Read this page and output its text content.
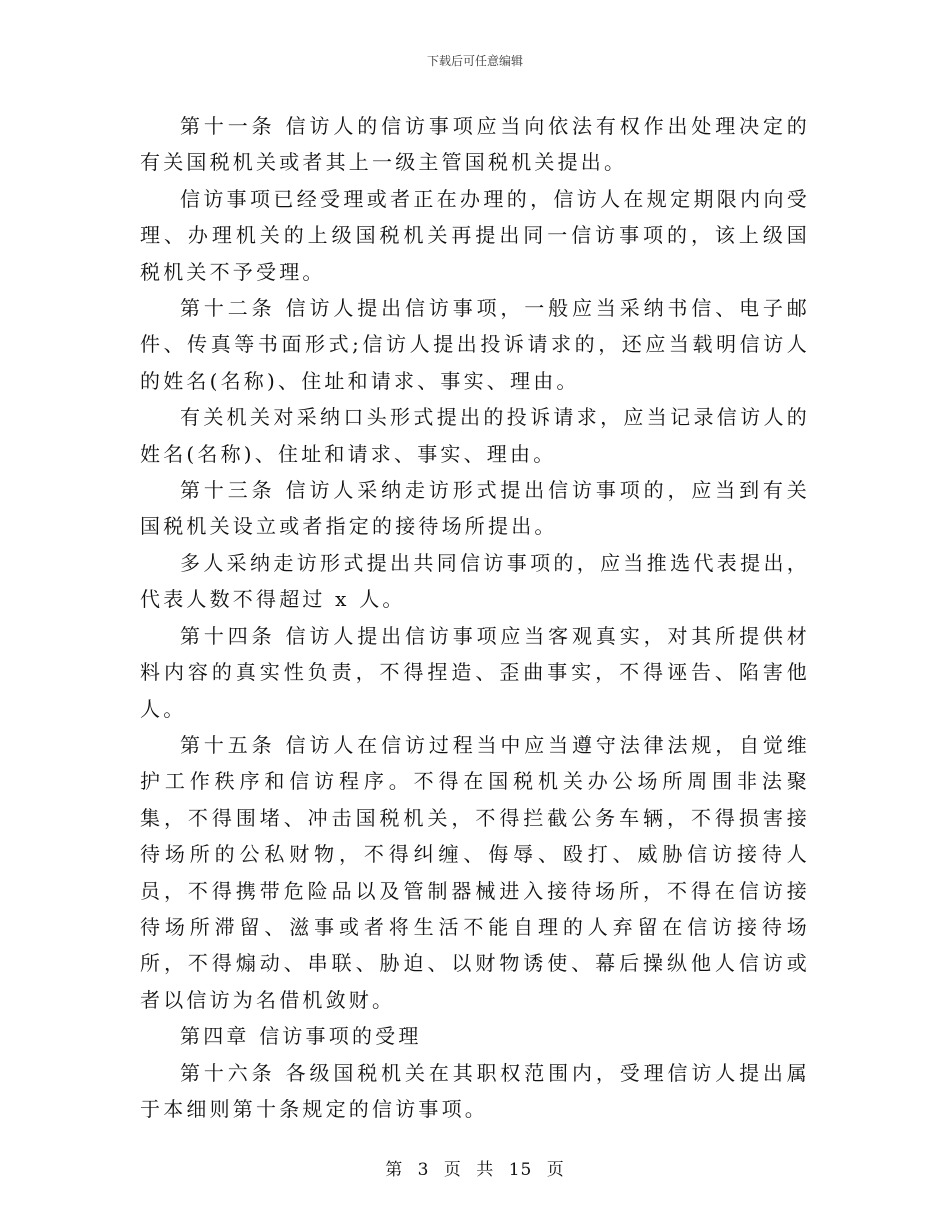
下载后可任意编辑

第十一条 信访人的信访事项应当向依法有权作出处理决定的有关国税机关或者其上一级主管国税机关提出。

信访事项已经受理或者正在办理的，信访人在规定期限内向受理、办理机关的上级国税机关再提出同一信访事项的，该上级国税机关不予受理。

第十二条 信访人提出信访事项，一般应当采纳书信、电子邮件、传真等书面形式;信访人提出投诉请求的，还应当载明信访人的姓名(名称)、住址和请求、事实、理由。

有关机关对采纳口头形式提出的投诉请求，应当记录信访人的姓名(名称)、住址和请求、事实、理由。

第十三条 信访人采纳走访形式提出信访事项的，应当到有关国税机关设立或者指定的接待场所提出。

多人采纳走访形式提出共同信访事项的，应当推选代表提出，代表人数不得超过 x 人。

第十四条 信访人提出信访事项应当客观真实，对其所提供材料内容的真实性负责，不得捏造、歪曲事实，不得诬告、陷害他人。

第十五条 信访人在信访过程当中应当遵守法律法规，自觉维护工作秩序和信访程序。不得在国税机关办公场所周围非法聚集，不得围堵、冲击国税机关，不得拦截公务车辆，不得损害接待场所的公私财物，不得纠缠、侮辱、殴打、威胁信访接待人员，不得携带危险品以及管制器械进入接待场所，不得在信访接待场所滞留、滋事或者将生活不能自理的人弃留在信访接待场所，不得煽动、串联、胁迫、以财物诱使、幕后操纵他人信访或者以信访为名借机敛财。

第四章 信访事项的受理

第十六条 各级国税机关在其职权范围内，受理信访人提出属于本细则第十条规定的信访事项。

第 3 页 共 15 页
